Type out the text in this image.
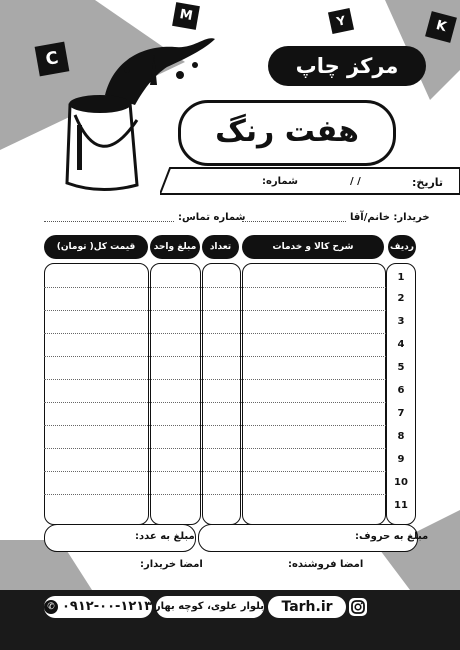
C
M	Y	K
مرکز چاپ
هفت رنگ
تاریخ:
/ /
شماره:
خریدار: خانم/آقا
شماره تماس:
ردیف
شرح کالا و خدمات
تعداد
مبلغ واحد
قیمت کل( تومان)
1
2
3
4
5
6
7
8
9
10
11
مبلغ به حروف:
مبلغ به عدد:
امضا فروشنده:
امضا خریدار:
Tarh.ir
بلوار علوی، کوچه بهار
✆ ۰۹۱۲-۰۰-۱۲۱۳
